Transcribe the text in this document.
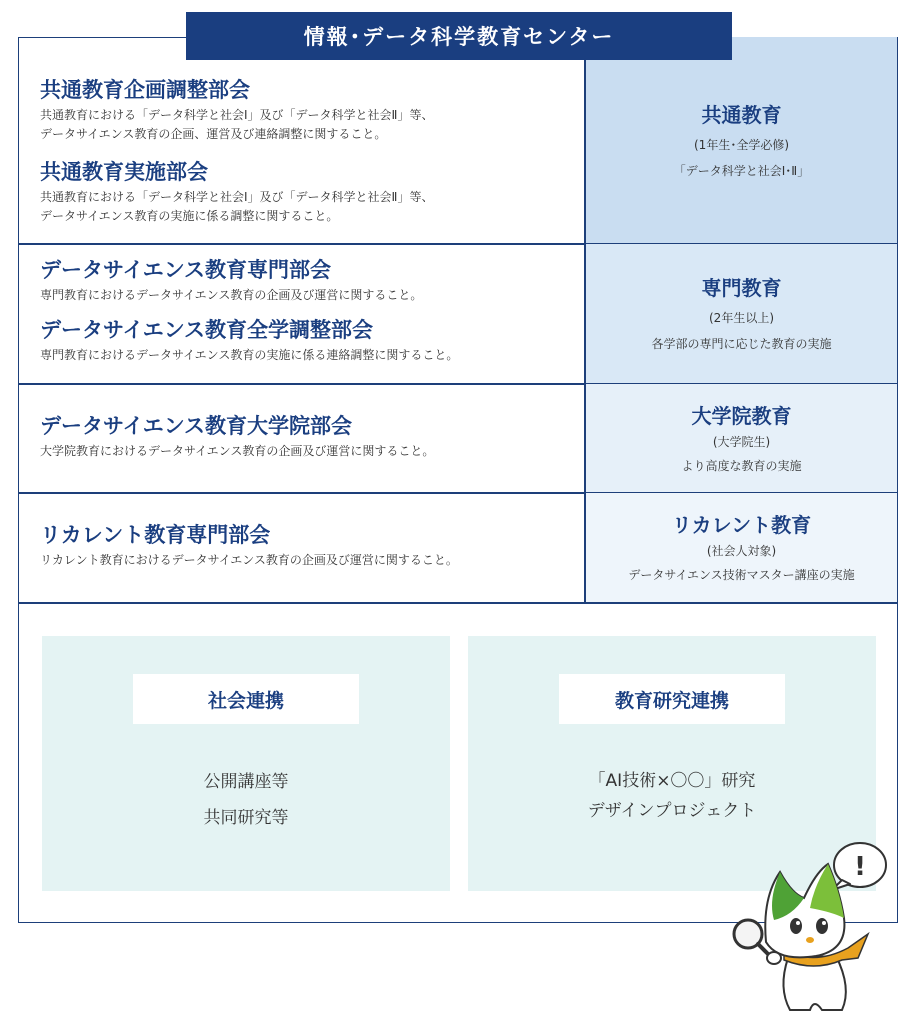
情報･データ科学教育センター
共通教育
(1年生･全学必修)
「データ科学と社会Ⅰ･Ⅱ」
共通教育企画調整部会
共通教育における「データ科学と社会Ⅰ」及び「データ科学と社会Ⅱ」等、
データサイエンス教育の企画、運営及び連絡調整に関すること。
共通教育実施部会
共通教育における「データ科学と社会Ⅰ」及び「データ科学と社会Ⅱ」等、
データサイエンス教育の実施に係る調整に関すること。
専門教育
(2年生以上)
各学部の専門に応じた教育の実施
データサイエンス教育専門部会
専門教育におけるデータサイエンス教育の企画及び運営に関すること。
データサイエンス教育全学調整部会
専門教育におけるデータサイエンス教育の実施に係る連絡調整に関すること。
大学院教育
(大学院生)
より高度な教育の実施
データサイエンス教育大学院部会
大学院教育におけるデータサイエンス教育の企画及び運営に関すること。
リカレント教育
(社会人対象)
データサイエンス技術マスター講座の実施
リカレント教育専門部会
リカレント教育におけるデータサイエンス教育の企画及び運営に関すること。
社会連携
公開講座等
共同研究等
教育研究連携
「AI技術×〇〇」研究
デザインプロジェクト
!
